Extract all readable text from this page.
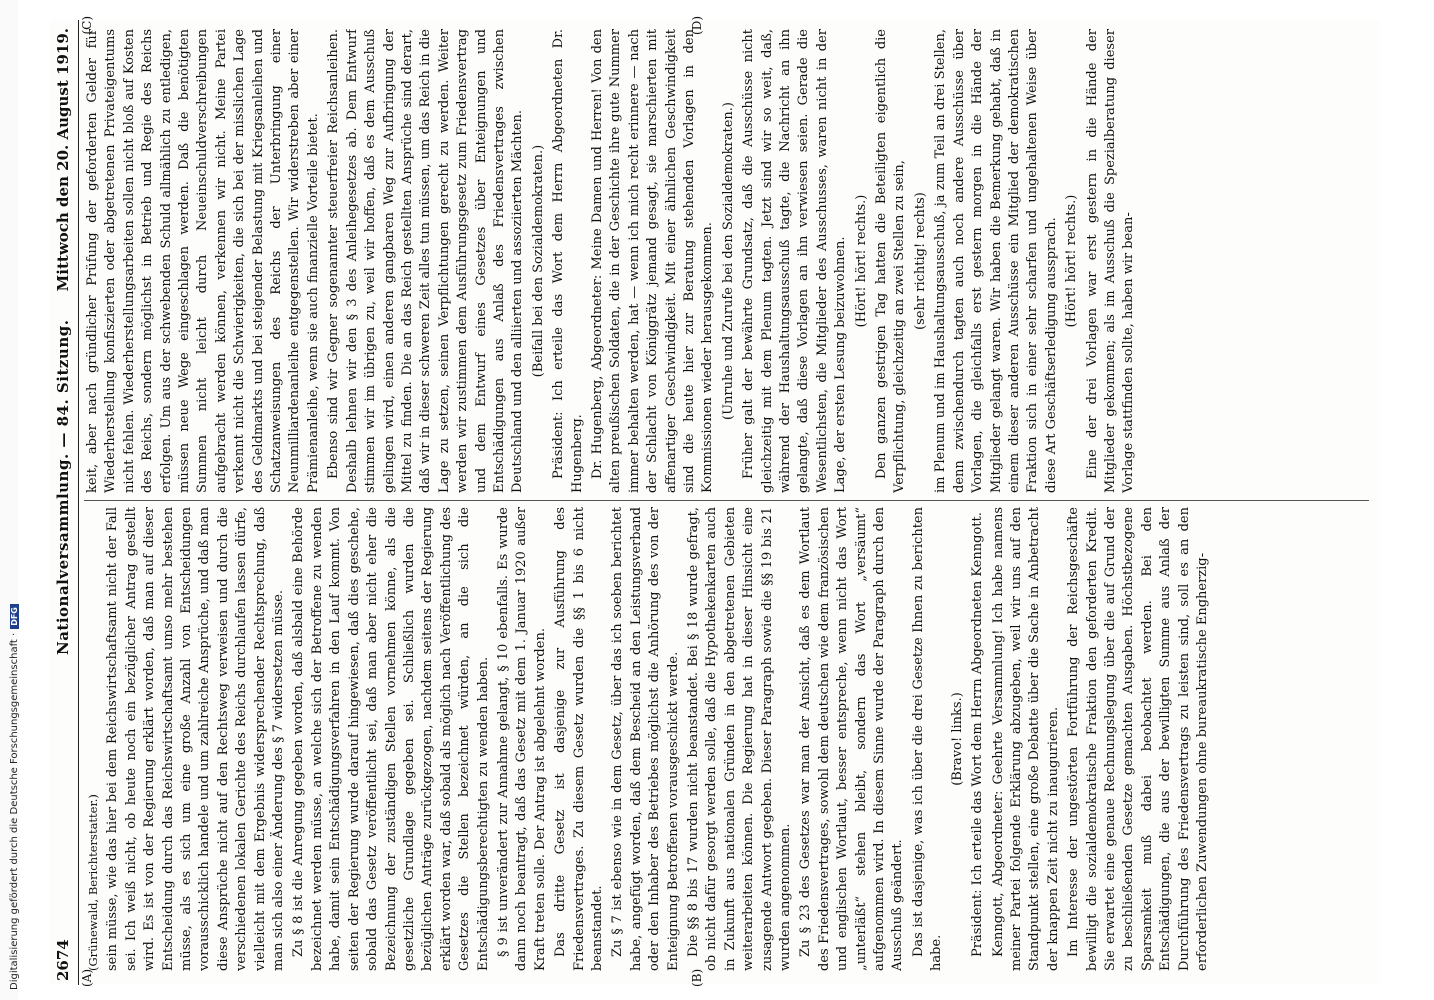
Digitalisierung gefördert durch die Deutsche Forschungsgemeinschaft ·DFG
2674
Nationalversammlung. — 84. Sitzung.
Mittwoch den 20. August 1919.
(A)	(B)
(C)	(D)

(Grünewald, Berichterstatter.) sein müsse, wie das hier bei dem Reichswirtschaftsamt nicht der Fall sei. Ich weiß nicht, ob heute noch ein bezüglicher Antrag gestellt wird. Es ist von der Regierung erklärt worden, daß man auf dieser Entscheidung durch das Reichswirtschaftsamt umso mehr bestehen müsse, als es sich um eine große Anzahl von Entscheidungen vorausschicklich handele und um zahlreiche Ansprüche, und daß man diese Ansprüche nicht auf den Rechtsweg verweisen und durch die verschiedenen lokalen Gerichte des Reichs durchlaufen lassen dürfe, vielleicht mit dem Ergebnis widersprechender Rechtsprechung, daß man sich also einer Änderung des § 7 widersetzen müsse. Zu § 8 ist die Anregung gegeben worden, daß alsbald eine Behörde bezeichnet werden müsse, an welche sich der Betroffene zu wenden habe, damit sein Entschädigungsverfahren in den Lauf kommt. Von seiten der Regierung wurde darauf hingewiesen, daß dies geschehe, sobald das Gesetz veröffentlicht sei, daß man aber nicht eher die Bezeichnung der zuständigen Stellen vornehmen könne, als die gesetzliche Grundlage gegeben sei. Schließlich wurden die bezüglichen Anträge zurückgezogen, nachdem seitens der Regierung erklärt worden war, daß sobald als möglich nach Veröffentlichung des Gesetzes die Stellen bezeichnet würden, an die sich die Entschädigungsberechtigten zu wenden haben. § 9 ist unverändert zur Annahme gelangt, § 10 ebenfalls. Es wurde dann noch beantragt, daß das Gesetz mit dem 1. Januar 1920 außer Kraft treten solle. Der Antrag ist abgelehnt worden. Das dritte Gesetz ist dasjenige zur Ausführung des Friedensvertrages. Zu diesem Gesetz wurden die §§ 1 bis 6 nicht beanstandet. Zu § 7 ist ebenso wie in dem Gesetz, über das ich soeben berichtet habe, angefügt worden, daß dem Bescheid an den Leistungsverband oder den Inhaber des Betriebes möglichst die Anhörung des von der Enteignung Betroffenen vorausgeschickt werde. Die §§ 8 bis 17 wurden nicht beanstandet. Bei § 18 wurde gefragt, ob nicht dafür gesorgt werden solle, daß die Hypothekenkarten auch in Zukunft aus nationalen Gründen in den abgetretenen Gebieten weiterarbeiten können. Die Regierung hat in dieser Hinsicht eine zusagende Antwort gegeben. Dieser Paragraph sowie die §§ 19 bis 21 wurden angenommen. Zu § 23 des Gesetzes war man der Ansicht, daß es dem Wortlaut des Friedensvertrages, sowohl dem deutschen wie dem französischen und englischen Wortlaut, besser entspreche, wenn nicht das Wort „unterläßt“ stehen bleibt, sondern das Wort „versäumt“ aufgenommen wird. In diesem Sinne wurde der Paragraph durch den Ausschuß geändert. Das ist dasjenige, was ich über die drei Gesetze Ihnen zu berichten habe.

(Bravo! links.) Präsident: Ich erteile das Wort dem Herrn Abgeordneten Kenngott. Kenngott, Abgeordneter: Geehrte Versammlung! Ich habe namens meiner Partei folgende Erklärung abzugeben, weil wir uns auf den Standpunkt stellen, eine große Debatte über die Sache in Anbetracht der knappen Zeit nicht zu inaugurieren. Im Interesse der ungestörten Fortführung der Reichsgeschäfte bewilligt die sozialdemokratische Fraktion den geforderten Kredit. Sie erwartet eine genaue Rechnungslegung über die auf Grund der zu beschließenden Gesetze gemachten Ausgaben. Höchstbezogene Sparsamkeit muß dabei beobachtet werden. Bei den Entschädigungen, die aus der bewilligten Summe aus Anlaß der Durchführung des Friedensvertrags zu leisten sind, soll es an den erforderlichen Zuwendungen ohne bureaukratische Engherzig-

keit, aber nach gründlicher Prüfung der geforderten Gelder für Wiederherstellung konfiszierten oder abgetretenen Privateigentums nicht fehlen. Wiederherstellungsarbeiten sollen nicht bloß auf Kosten des Reichs, sondern möglichst in Betrieb und Regie des Reichs erfolgen. Um aus der schwebenden Schuld allmählich zu entledigen, müssen neue Wege eingeschlagen werden. Daß die benötigten Summen nicht leicht durch Neueinschuldverschreibungen aufgebracht werden können, verkennen wir nicht. Meine Partei verkennt nicht die Schwierigkeiten, die sich bei der misslichen Lage des Geldmarkts und bei steigender Belastung mit Kriegsanleihen und Schatzanweisungen des Reichs der Unterbringung einer Neunmilliardenanleihe entgegenstellen. Wir widerstreben aber einer Prämienanleihe, wenn sie auch finanzielle Vorteile bietet. Ebenso sind wir Gegner sogenannter steuerfreier Reichsanleihen. Deshalb lehnen wir den § 3 des Anleihegesetzes ab. Dem Entwurf stimmen wir im übrigen zu, weil wir hoffen, daß es dem Ausschuß gelingen wird, einen anderen gangbaren Weg zur Aufbringung der Mittel zu finden. Die an das Reich gestellten Ansprüche sind derart, daß wir in dieser schweren Zeit alles tun müssen, um das Reich in die Lage zu setzen, seinen Verpflichtungen gerecht zu werden. Weiter werden wir zustimmen dem Ausführungsgesetz zum Friedensvertrag und dem Entwurf eines Gesetzes über Enteignungen und Entschädigungen aus Anlaß des Friedensvertrages zwischen Deutschland und den alliierten und assoziierten Mächten. (Beifall bei den Sozialdemokraten.) Präsident: Ich erteile das Wort dem Herrn Abgeordneten Dr. Hugenberg. Dr. Hugenberg, Abgeordneter: Meine Damen und Herren! Von den alten preußischen Soldaten, die in der Geschichte ihre gute Nummer immer behalten werden, hat — wenn ich mich recht erinnere — nach der Schlacht von Königgrätz jemand gesagt, sie marschierten mit affenartiger Geschwindigkeit. Mit einer ähnlichen Geschwindigkeit sind die heute hier zur Beratung stehenden Vorlagen in den Kommissionen wieder herausgekommen. (Unruhe und Zurufe bei den Sozialdemokraten.) Früher galt der bewährte Grundsatz, daß die Ausschüsse nicht gleichzeitig mit dem Plenum tagten. Jetzt sind wir so weit, daß, während der Haushaltungsausschuß tagte, die Nachricht an ihn gelangte, daß diese Vorlagen an ihn verwiesen seien. Gerade die Wesentlichsten, die Mitglieder des Ausschusses, waren nicht in der Lage, der ersten Lesung beizuwohnen. (Hört! hört! rechts.) Den ganzen gestrigen Tag hatten die Beteiligten eigentlich die Verpflichtung, gleichzeitig an zwei Stellen zu sein, (sehr richtig! rechts) im Plenum und im Haushaltungsausschuß, ja zum Teil an drei Stellen, denn zwischendurch tagten auch noch andere Ausschüsse über Vorlagen, die gleichfalls erst gestern morgen in die Hände der Mitglieder gelangt waren. Wir haben die Bemerkung gehabt, daß in einem dieser anderen Ausschüsse ein Mitglied der demokratischen Fraktion sich in einer sehr scharfen und ungehaltenen Weise über diese Art Geschäftserledigung aussprach. (Hört! hört! rechts.) Eine der drei Vorlagen war erst gestern in die Hände der Mitglieder gekommen; als im Ausschuß die Spezialberatung dieser Vorlage stattfinden sollte, haben wir bean-
